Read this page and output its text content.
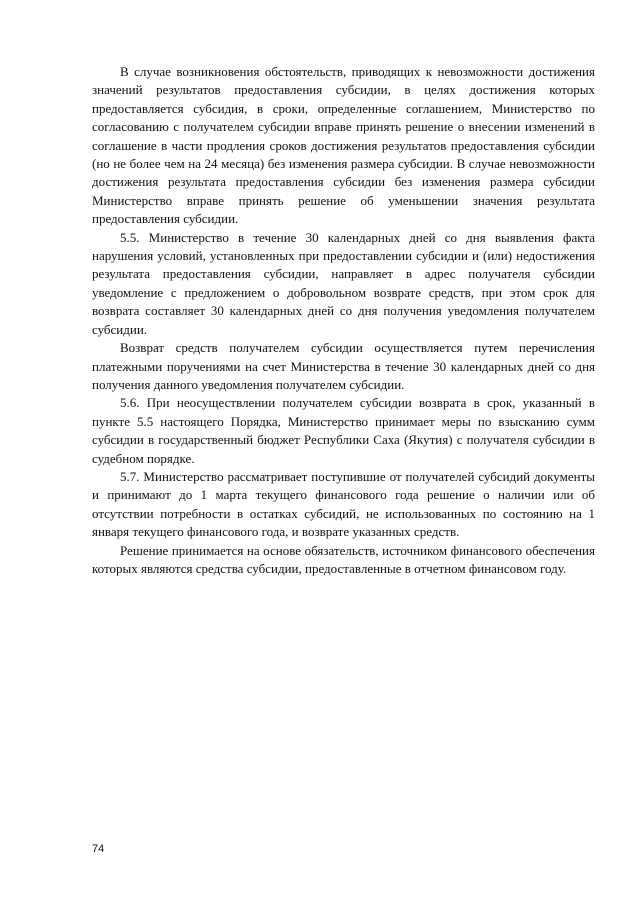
В случае возникновения обстоятельств, приводящих к невозможности достижения значений результатов предоставления субсидии, в целях достижения которых предоставляется субсидия, в сроки, определенные соглашением, Министерство по согласованию с получателем субсидии вправе принять решение о внесении изменений в соглашение в части продления сроков достижения результатов предоставления субсидии (но не более чем на 24 месяца) без изменения размера субсидии. В случае невозможности достижения результата предоставления субсидии без изменения размера субсидии Министерство вправе принять решение об уменьшении значения результата предоставления субсидии.

5.5. Министерство в течение 30 календарных дней со дня выявления факта нарушения условий, установленных при предоставлении субсидии и (или) недостижения результата предоставления субсидии, направляет в адрес получателя субсидии уведомление с предложением о добровольном возврате средств, при этом срок для возврата составляет 30 календарных дней со дня получения уведомления получателем субсидии.

Возврат средств получателем субсидии осуществляется путем перечисления платежными поручениями на счет Министерства в течение 30 календарных дней со дня получения данного уведомления получателем субсидии.

5.6. При неосуществлении получателем субсидии возврата в срок, указанный в пункте 5.5 настоящего Порядка, Министерство принимает меры по взысканию сумм субсидии в государственный бюджет Республики Саха (Якутия) с получателя субсидии в судебном порядке.

5.7. Министерство рассматривает поступившие от получателей субсидий документы и принимают до 1 марта текущего финансового года решение о наличии или об отсутствии потребности в остатках субсидий, не использованных по состоянию на 1 января текущего финансового года, и возврате указанных средств.

Решение принимается на основе обязательств, источником финансового обеспечения которых являются средства субсидии, предоставленные в отчетном финансовом году.

74
